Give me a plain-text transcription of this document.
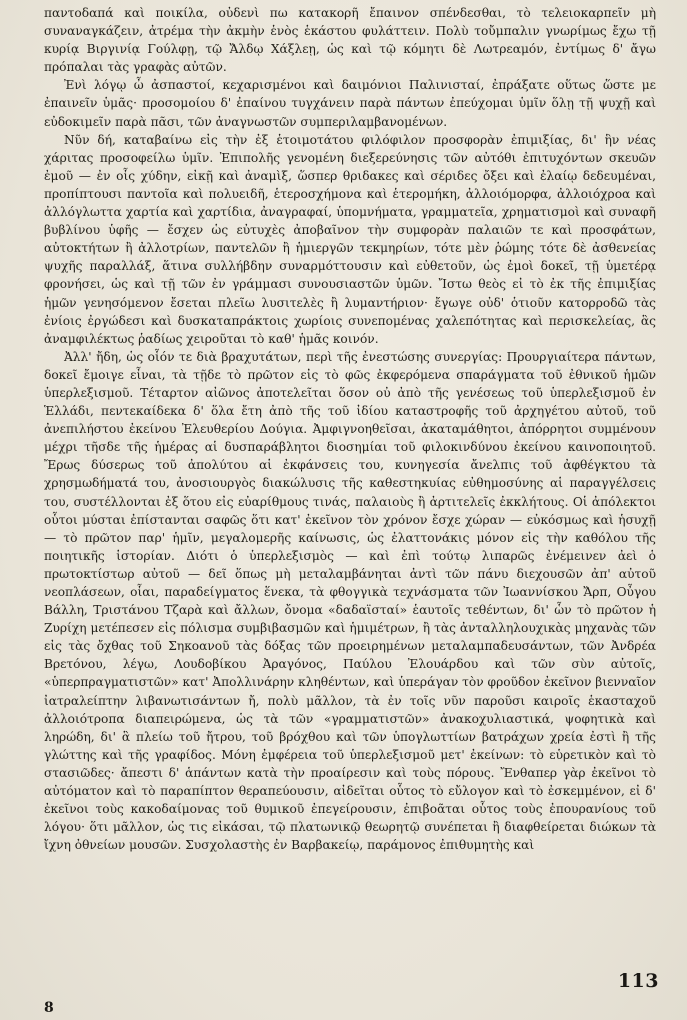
παντοδαπά καὶ ποικίλα, οὐδενὶ πω κατακορῆ ἔπαινον σπένδεσθαι, τὸ τελειοκαρπεῖν μὴ συναναγκάζειν, ἀτρέμα τὴν ἀκμὴν ἑνὸς ἑκάστου φυλάττειν. Πολὺ τοὔμπαλιν γνωρίμως ἔχω τῇ κυρίᾳ Βιργινίᾳ Γούλφῃ, τῷ Ἄλδῳ Χάξλεῃ, ὡς καὶ τῷ κόμητι δὲ Λωτρεαμόν, ἐντίμως δ' ἄγω πρόπαλαι τὰς γραφὰς αὐτῶν.

Ἐνὶ λόγῳ ὦ ἀσπαστοί, κεχαρισμένοι καὶ δαιμόνιοι Παλινισταί, ἐπράξατε οὕτως ὥστε με ἐπαινεῖν ὑμᾶς· προσομοίου δ' ἐπαίνου τυγχάνειν παρὰ πάντων ἐπεύχομαι ὑμῖν ὅλῃ τῇ ψυχῇ καὶ εὐδοκιμεῖν παρὰ πᾶσι, τῶν ἀναγνωστῶν συμπεριλαμβανομένων.

Νῦν δή, καταβαίνω εἰς τὴν ἐξ ἑτοιμοτάτου φιλόφιλον προσφορὰν ἐπιμιξίας, δι' ἣν νέας χάριτας προσοφείλω ὑμῖν. Ἐπιπολῆς γενομένη διεξερεύνησις τῶν αὐτόθι ἐπιτυχόντων σκευῶν ἐμοῦ — ἐν οἷς χύδην, εἰκῇ καὶ ἀναμὶξ, ὥσπερ θριδακες καὶ σέριδες ὄξει καὶ ἐλαίῳ δεδευμέναι, προπίπτουσι παντοῖα καὶ πολυειδῆ, ἑτεροσχήμονα καὶ ἑτερομήκη, ἀλλοιόμορφα, ἀλλοιόχροα καὶ ἀλλόγλωττα χαρτία καὶ χαρτίδια, ἀναγραφαί, ὑπομνήματα, γραμματεῖα, χρηματισμοὶ καὶ συναφῆ βυβλίνου ὑφῆς — ἔσχεν ὡς εὐτυχὲς ἀποβαῖνον τὴν συμφορὰν παλαιῶν τε καὶ προσφάτων, αὐτοκτήτων ἢ ἀλλοτρίων, παντελῶν ἢ ἡμιεργῶν τεκμηρίων, τότε μὲν ῥώμης τότε δὲ ἀσθενείας ψυχῆς παραλλάξ, ἅτινα συλλήβδην συναρμόττουσιν καὶ εὐθετοῦν, ὡς ἐμοὶ δοκεῖ, τῇ ὑμετέρᾳ φρονήσει, ὡς καὶ τῇ τῶν ἐν γράμμασι συνουσιαστῶν ὑμῶν. Ἴστω θεὸς εἰ τὸ ἐκ τῆς ἐπιμιξίας ἡμῶν γενησόμενον ἔσεται πλεῖω λυσιτελὲς ἢ λυμαντήριον· ἔγωγε οὐδ' ὁτιοῦν κατορροδῶ τὰς ἐνίοις ἐργώδεσι καὶ δυσκαταπράκτοις χωρίοις συνεπομένας χαλεπότητας καὶ περισκελείας, ἃς ἀναμφιλέκτως ῥαδίως χειροῦται τὸ καθ' ἡμᾶς κοινόν.

Ἀλλ' ἤδη, ὡς οἷόν τε διὰ βραχυτάτων, περὶ τῆς ἐνεστώσης συνεργίας: Προυργιαίτερα πάντων, δοκεῖ ἔμοιγε εἶναι, τὰ τῇδε τὸ πρῶτον εἰς τὸ φῶς ἐκφερόμενα σπαράγματα τοῦ ἐθνικοῦ ἡμῶν ὑπερλεξισμοῦ. Τέταρτον αἰῶνος ἀποτελεῖται ὅσον οὐ ἀπὸ τῆς γενέσεως τοῦ ὑπερλεξισμοῦ ἐν Ἑλλάδι, πεντεκαίδεκα δ' ὅλα ἔτη ἀπὸ τῆς τοῦ ἰδίου καταστροφῆς τοῦ ἀρχηγέτου αὐτοῦ, τοῦ ἀνεπιλήστου ἐκείνου Ἐλευθερίου Δούγια. Ἀμφιγνοηθεῖσαι, ἀκαταμάθητοι, ἀπόρρητοι συμμένουν μέχρι τῆσδε τῆς ἡμέρας αἱ δυσπαράβλητοι διοσημίαι τοῦ φιλοκινδύνου ἐκείνου καινοποιητοῦ. Ἔρως δύσερως τοῦ ἀπολύτου αἱ ἐκφάνσεις του, κυνηγεσία ἄνελπις τοῦ ἀφθέγκτου τὰ χρησμωδήματά του, ἀνοσιουργὸς διακώλυσις τῆς καθεστηκυίας εὐθημοσύνης αἱ παραγγέλσεις του, συστέλλονται ἐξ ὅτου εἰς εὐαρίθμους τινάς, παλαιοὺς ἢ ἀρτιτελεῖς ἐκκλήτους. Οἱ ἀπόλεκτοι οὗτοι μύσται ἐπίστανται σαφῶς ὅτι κατ' ἐκεῖνον τὸν χρόνον ἔσχε χώραν — εὐκόσμως καὶ ἡσυχῇ — τὸ πρῶτον παρ' ἡμῖν, μεγαλομερῆς καίνωσις, ὡς ἐλαττονάκις μόνον εἰς τὴν καθόλου τῆς ποιητικῆς ἱστορίαν. Διότι ὁ ὑπερλεξισμὸς — καὶ ἐπὶ τούτῳ λιπαρῶς ἐνέμεινεν ἀεὶ ὁ πρωτοκτίστωρ αὐτοῦ — δεῖ ὅπως μὴ μεταλαμβάνηται ἀντὶ τῶν πάνυ διεχουσῶν ἀπ' αὐτοῦ νεοπλάσεων, οἷαι, παραδείγματος ἕνεκα, τὰ φθογγικὰ τεχνάσματα τῶν Ἰωαννίσκου Ἄρπ, Οὖγου Βάλλη, Τριστάνου Τζαρὰ καὶ ἄλλων, ὄνομα «δαδαϊσταί» ἑαυτοῖς τεθέντων, δι' ὧν τὸ πρῶτον ἡ Ζυρίχη μετέπεσεν εἰς πόλισμα συμβιβασμῶν καὶ ἡμιμέτρων, ἢ τὰς ἀνταλληλουχικὰς μηχανὰς τῶν εἰς τὰς ὄχθας τοῦ Σηκοανοῦ τὰς δόξας τῶν προειρημένων μεταλαμπαδευσάντων, τῶν Ἀνδρέα Βρετόνου, λέγω, Λουδοβίκου Ἀραγόνος, Παύλου Ἐλουάρδου καὶ τῶν σὺν αὐτοῖς, «ὑπερπραγματιστῶν» κατ' Ἀπολλινάρην κληθέντων, καὶ ὑπεράγαν τὸν φροῦδον ἐκεῖνον βιενναῖον ἰατραλείπτην λιβανωτισάντων ἤ, πολὺ μᾶλλον, τὰ ἐν τοῖς νῦν παροῦσι καιροῖς ἑκασταχοῦ ἀλλοιότροπα διαπειρώμενα, ὡς τὰ τῶν «γραμματιστῶν» ἀνακοχυλιαστικά, ψοφητικὰ καὶ ληρώδη, δι' ἃ πλείω τοῦ ἤτρου, τοῦ βρόχθου καὶ τῶν ὑπογλωττίων βατράχων χρεία ἐστὶ ἢ τῆς γλώττης καὶ τῆς γραφίδος. Μόνη ἐμφέρεια τοῦ ὑπερλεξισμοῦ μετ' ἐκείνων: τὸ εὑρετικὸν καὶ τὸ στασιῶδες· ἄπεστι δ' ἁπάντων κατὰ τὴν προαίρεσιν καὶ τοὺς πόρους. Ἔνθαπερ γὰρ ἐκεῖνοι τὸ αὐτόματον καὶ τὸ παραπίπτον θεραπεύουσιν, αἰδεῖται οὗτος τὸ εὔλογον καὶ τὸ ἐσκεμμένον, εἰ δ' ἐκεῖνοι τοὺς κακοδαίμονας τοῦ θυμικοῦ ἐπεγείρουσιν, ἐπιβοᾶται οὗτος τοὺς ἐπουρανίους τοῦ λόγου· ὅτι μᾶλλον, ὡς τις εἰκάσαι, τῷ πλατωνικῷ θεωρητῷ συνέπεται ἢ διαφθείρεται διώκων τὰ ἴχνη ὀθνείων μουσῶν. Συσχολαστὴς ἐν Βαρβακείῳ, παράμονος ἐπιθυμητὴς καὶ

113
8
